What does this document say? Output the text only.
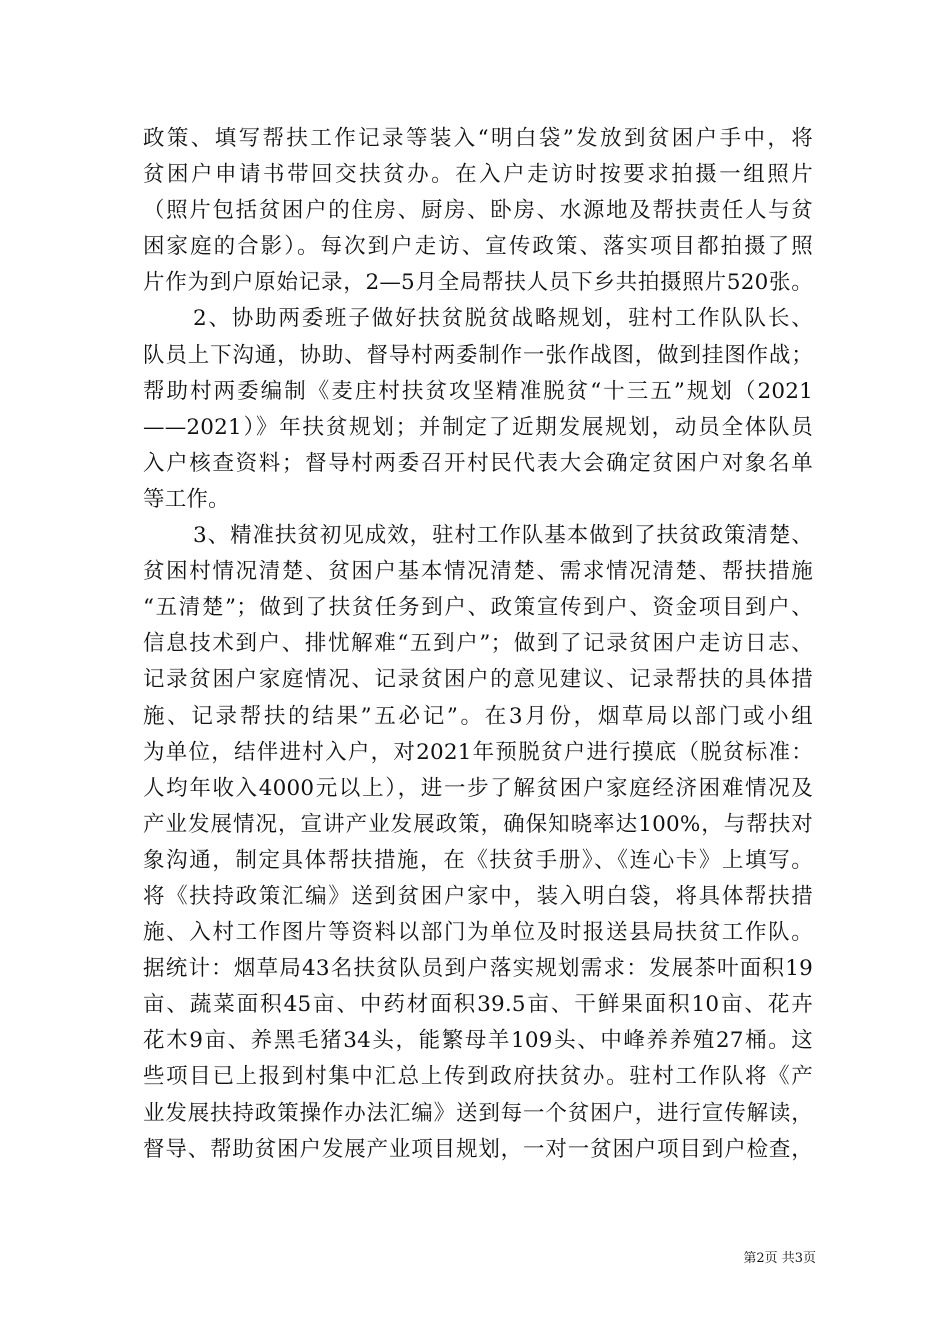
政策、填写帮扶工作记录等装入“明白袋”发放到贫困户手中，将
贫困户申请书带回交扶贫办。在入户走访时按要求拍摄一组照片
（照片包括贫困户的住房、厨房、卧房、水源地及帮扶责任人与贫
困家庭的合影）。每次到户走访、宣传政策、落实项目都拍摄了照
片作为到户原始记录，2—5月全局帮扶人员下乡共拍摄照片520张。
2、协助两委班子做好扶贫脱贫战略规划，驻村工作队队长、
队员上下沟通，协助、督导村两委制作一张作战图，做到挂图作战；
帮助村两委编制《麦庄村扶贫攻坚精准脱贫“十三五”规划（2021
——2021）》年扶贫规划；并制定了近期发展规划，动员全体队员
入户核查资料；督导村两委召开村民代表大会确定贫困户对象名单
等工作。
3、精准扶贫初见成效，驻村工作队基本做到了扶贫政策清楚、
贫困村情况清楚、贫困户基本情况清楚、需求情况清楚、帮扶措施
“五清楚”；做到了扶贫任务到户、政策宣传到户、资金项目到户、
信息技术到户、排忧解难“五到户”；做到了记录贫困户走访日志、
记录贫困户家庭情况、记录贫困户的意见建议、记录帮扶的具体措
施、记录帮扶的结果”五必记”。在3月份，烟草局以部门或小组
为单位，结伴进村入户，对2021年预脱贫户进行摸底（脱贫标准：
人均年收入4000元以上），进一步了解贫困户家庭经济困难情况及
产业发展情况，宣讲产业发展政策，确保知晓率达100%，与帮扶对
象沟通，制定具体帮扶措施，在《扶贫手册》、《连心卡》上填写。
将《扶持政策汇编》送到贫困户家中，装入明白袋，将具体帮扶措
施、入村工作图片等资料以部门为单位及时报送县局扶贫工作队。
据统计：烟草局43名扶贫队员到户落实规划需求：发展茶叶面积19
亩、蔬菜面积45亩、中药材面积39.5亩、干鲜果面积10亩、花卉
花木9亩、养黑毛猪34头，能繁母羊109头、中峰养养殖27桶。这
些项目已上报到村集中汇总上传到政府扶贫办。驻村工作队将《产
业发展扶持政策操作办法汇编》送到每一个贫困户，进行宣传解读，
督导、帮助贫困户发展产业项目规划，一对一贫困户项目到户检查，
第2页 共3页
